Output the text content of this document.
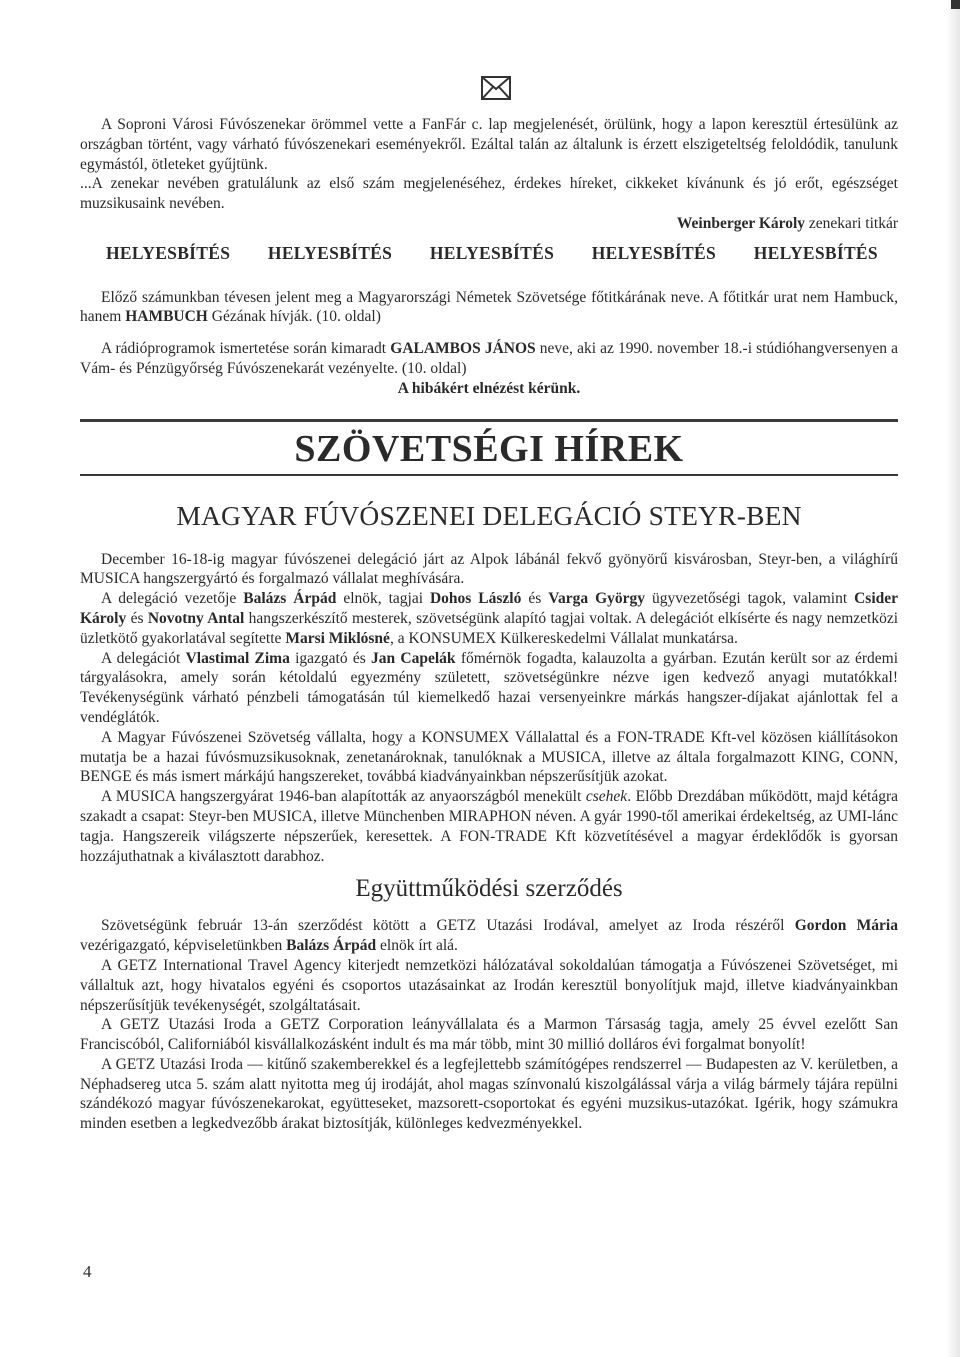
A Soproni Városi Fúvószenekar örömmel vette a FanFár c. lap megjelenését, örülünk, hogy a lapon keresztül értesülünk az országban történt, vagy várható fúvószenekari eseményekről. Ezáltal talán az általunk is érzett elszigeteltség feloldódik, tanulunk egymástól, ötleteket gyűjtünk.

...A zenekar nevében gratulálunk az első szám megjelenéséhez, érdekes híreket, cikkeket kívánunk és jó erőt, egészséget muzsikusaink nevében.

Weinberger Károly zenekari titkár

HELYESBÍTÉS HELYESBÍTÉS HELYESBÍTÉS HELYESBÍTÉS HELYESBÍTÉS

Előző számunkban tévesen jelent meg a Magyarországi Németek Szövetsége főtitkárának neve. A főtitkár urat nem Hambuck, hanem HAMBUCH Gézának hívják. (10. oldal)

A rádióprogramok ismertetése során kimaradt GALAMBOS JÁNOS neve, aki az 1990. november 18.-i stúdióhangversenyen a Vám- és Pénzügyőrség Fúvószenekarát vezényelte. (10. oldal)

A hibákért elnézést kérünk.

SZÖVETSÉGI HÍREK
MAGYAR FÚVÓSZENEI DELEGÁCIÓ STEYR-BEN

December 16-18-ig magyar fúvószenei delegáció járt az Alpok lábánál fekvő gyönyörű kisvárosban, Steyr-ben, a világhírű MUSICA hangszergyártó és forgalmazó vállalat meghívására.

A delegáció vezetője Balázs Árpád elnök, tagjai Dohos László és Varga György ügyvezetőségi tagok, valamint Csider Károly és Novotny Antal hangszerkészítő mesterek, szövetségünk alapító tagjai voltak. A delegációt elkísérte és nagy nemzetközi üzletkötő gyakorlatával segítette Marsi Miklósné, a KONSUMEX Külkereskedelmi Vállalat munkatársa.

A delegációt Vlastimal Zima igazgató és Jan Capelák főmérnök fogadta, kalauzolta a gyárban. Ezután került sor az érdemi tárgyalásokra, amely során kétoldalú egyezmény született, szövetségünkre nézve igen kedvező anyagi mutatókkal! Tevékenységünk várható pénzbeli támogatásán túl kiemelkedő hazai versenyeinkre márkás hangszer-díjakat ajánlottak fel a vendéglátók.

A Magyar Fúvószenei Szövetség vállalta, hogy a KONSUMEX Vállalattal és a FON-TRADE Kft-vel közösen kiállításokon mutatja be a hazai fúvósmuzsikusoknak, zenetanároknak, tanulóknak a MUSICA, illetve az általa forgalmazott KING, CONN, BENGE és más ismert márkájú hangszereket, továbbá kiadványainkban népszerűsítjük azokat.

A MUSICA hangszergyárat 1946-ban alapították az anyaországból menekült csehek. Előbb Drezdában működött, majd kétágra szakadt a csapat: Steyr-ben MUSICA, illetve Münchenben MIRAPHON néven. A gyár 1990-től amerikai érdekeltség, az UMI-lánc tagja. Hangszereik világszerte népszerűek, keresettek. A FON-TRADE Kft közvetítésével a magyar érdeklődők is gyorsan hozzájuthatnak a kiválasztott darabhoz.

Együttműködési szerződés

Szövetségünk február 13-án szerződést kötött a GETZ Utazási Irodával, amelyet az Iroda részéről Gordon Mária vezérigazgató, képviseletünkben Balázs Árpád elnök írt alá.

A GETZ International Travel Agency kiterjedt nemzetközi hálózatával sokoldalúan támogatja a Fúvószenei Szövetséget, mi vállaltuk azt, hogy hivatalos egyéni és csoportos utazásainkat az Irodán keresztül bonyolítjuk majd, illetve kiadványainkban népszerűsítjük tevékenységét, szolgáltatásait.

A GETZ Utazási Iroda a GETZ Corporation leányvállalata és a Marmon Társaság tagja, amely 25 évvel ezelőtt San Franciscóból, Californiából kisvállalkozásként indult és ma már több, mint 30 millió dolláros évi forgalmat bonyolít!

A GETZ Utazási Iroda — kitűnő szakemberekkel és a legfejlettebb számítógépes rendszerrel — Budapesten az V. kerületben, a Néphadsereg utca 5. szám alatt nyitotta meg új irodáját, ahol magas színvonalú kiszolgálással várja a világ bármely tájára repülni szándékozó magyar fúvószenekarokat, együtteseket, mazsorett-csoportokat és egyéni muzsikus-utazókat. Igérik, hogy számukra minden esetben a legkedvezőbb árakat biztosítják, különleges kedvezményekkel.

4
